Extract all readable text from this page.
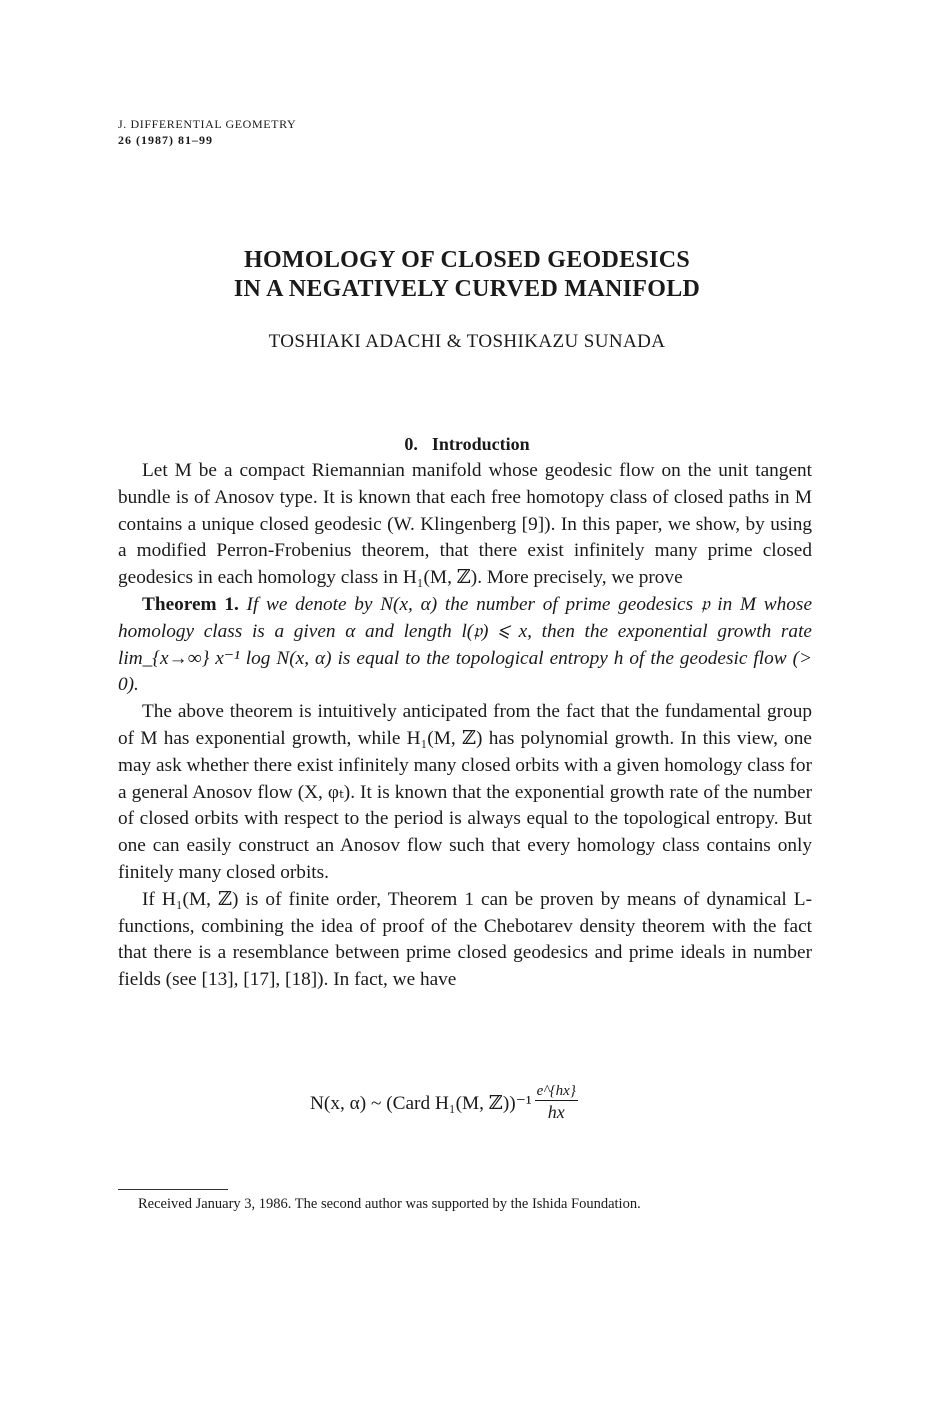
J. DIFFERENTIAL GEOMETRY
26 (1987) 81–99
HOMOLOGY OF CLOSED GEODESICS
IN A NEGATIVELY CURVED MANIFOLD
TOSHIAKI ADACHI & TOSHIKAZU SUNADA
0. Introduction

Let M be a compact Riemannian manifold whose geodesic flow on the unit tangent bundle is of Anosov type. It is known that each free homotopy class of closed paths in M contains a unique closed geodesic (W. Klingenberg [9]). In this paper, we show, by using a modified Perron-Frobenius theorem, that there exist infinitely many prime closed geodesics in each homology class in H₁(M, ℤ). More precisely, we prove

Theorem 1. If we denote by N(x, α) the number of prime geodesics 𝔭 in M whose homology class is a given α and length l(𝔭) ⩽ x, then the exponential growth rate lim_{x→∞} x⁻¹ log N(x, α) is equal to the topological entropy h of the geodesic flow (> 0).

The above theorem is intuitively anticipated from the fact that the fundamental group of M has exponential growth, while H₁(M, ℤ) has polynomial growth. In this view, one may ask whether there exist infinitely many closed orbits with a given homology class for a general Anosov flow (X, φₜ). It is known that the exponential growth rate of the number of closed orbits with respect to the period is always equal to the topological entropy. But one can easily construct an Anosov flow such that every homology class contains only finitely many closed orbits.

If H₁(M, ℤ) is of finite order, Theorem 1 can be proven by means of dynamical L-functions, combining the idea of proof of the Chebotarev density theorem with the fact that there is a resemblance between prime closed geodesics and prime ideals in number fields (see [13], [17], [18]). In fact, we have

N(x, α) ~ (Card H₁(M, ℤ))⁻¹ $\frac{e\^{}\{hx\}}{hx}$
Received January 3, 1986. The second author was supported by the Ishida Foundation.
